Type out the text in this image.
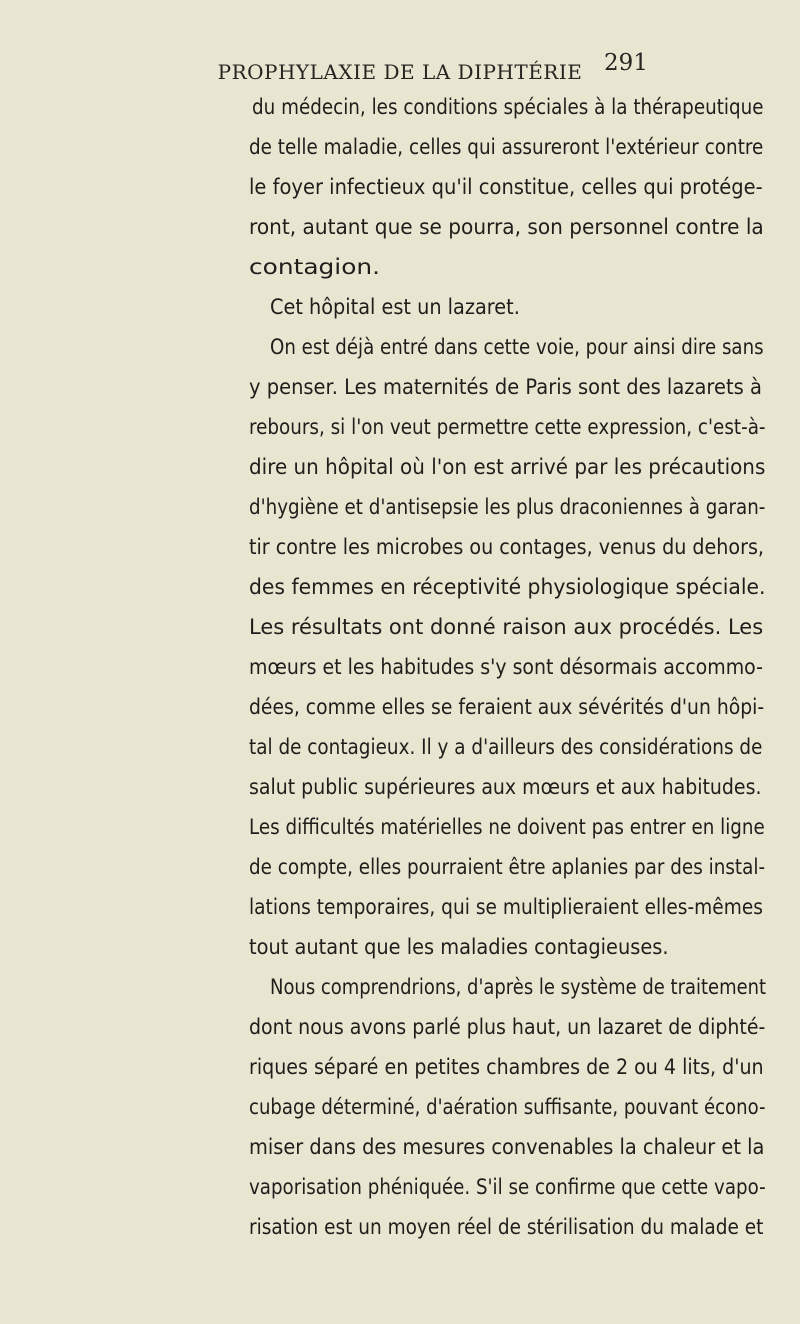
PROPHYLAXIE DE LA DIPHTÉRIE 291
du médecin, les conditions spéciales à la thérapeutique
de telle maladie, celles qui assureront l'extérieur contre
le foyer infectieux qu'il constitue, celles qui protége-
ront, autant que se pourra, son personnel contre la
contagion.
Cet hôpital est un lazaret.
On est déjà entré dans cette voie, pour ainsi dire sans
y penser. Les maternités de Paris sont des lazarets à
rebours, si l'on veut permettre cette expression, c'est-à-
dire un hôpital où l'on est arrivé par les précautions
d'hygiène et d'antisepsie les plus draconiennes à garan-
tir contre les microbes ou contages, venus du dehors,
des femmes en réceptivité physiologique spéciale.
Les résultats ont donné raison aux procédés. Les
mœurs et les habitudes s'y sont désormais accommo-
dées, comme elles se feraient aux sévérités d'un hôpi-
tal de contagieux. Il y a d'ailleurs des considérations de
salut public supérieures aux mœurs et aux habitudes.
Les difficultés matérielles ne doivent pas entrer en ligne
de compte, elles pourraient être aplanies par des instal-
lations temporaires, qui se multiplieraient elles-mêmes
tout autant que les maladies contagieuses.
Nous comprendrions, d'après le système de traitement
dont nous avons parlé plus haut, un lazaret de diphté-
riques séparé en petites chambres de 2 ou 4 lits, d'un
cubage déterminé, d'aération suffisante, pouvant écono-
miser dans des mesures convenables la chaleur et la
vaporisation phéniquée. S'il se confirme que cette vapo-
risation est un moyen réel de stérilisation du malade et
